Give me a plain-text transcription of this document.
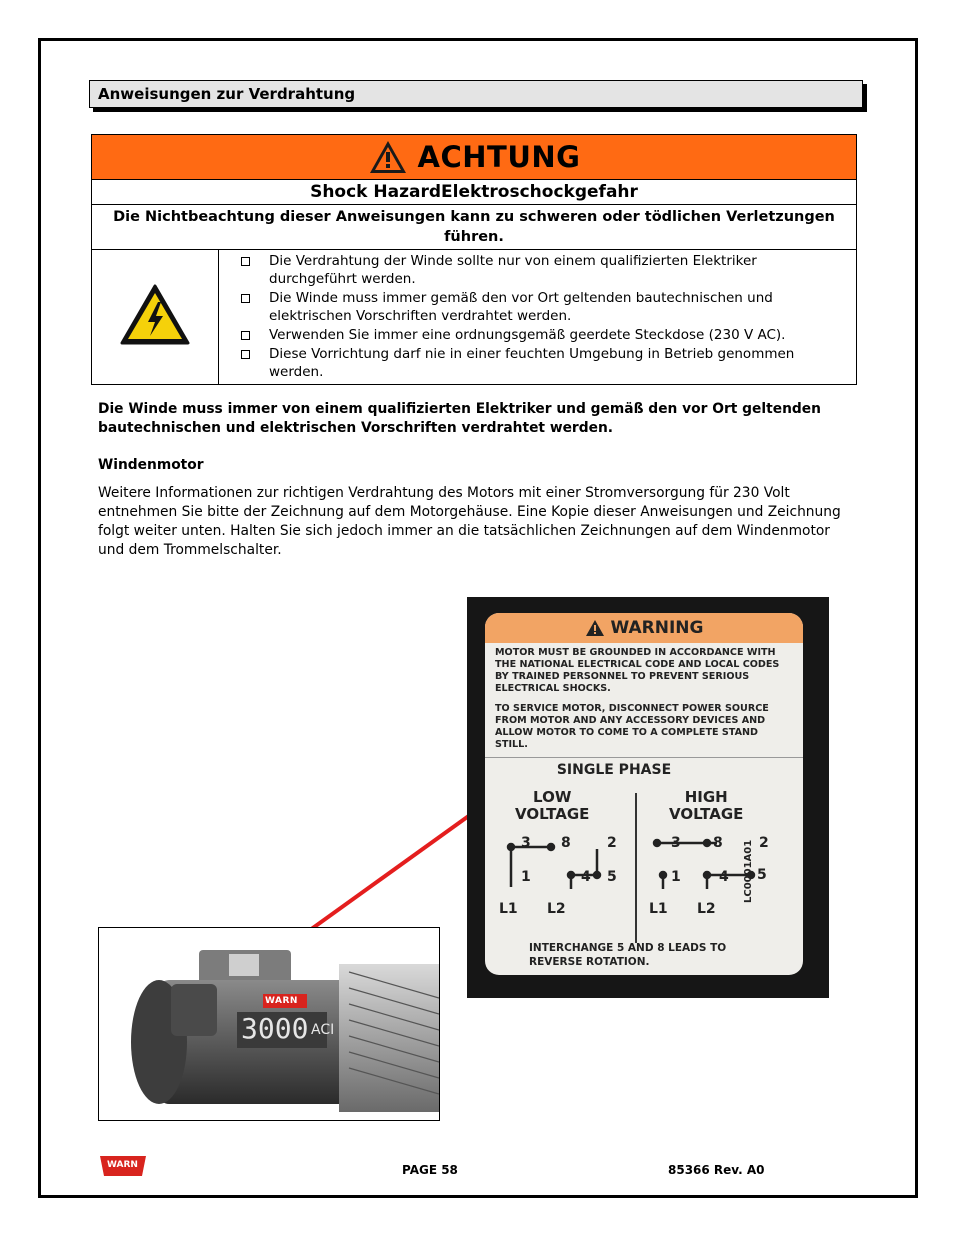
Anweisungen zur Verdrahtung
ACHTUNG

Shock HazardElektroschockgefahr
Die Nichtbeachtung dieser Anweisungen kann zu schweren oder tödlichen Verletzungen führen.

Die Verdrahtung der Winde sollte nur von einem qualifizierten Elektriker durchgeführt werden.
Die Winde muss immer gemäß den vor Ort geltenden bautechnischen und elektrischen Vorschriften verdrahtet werden.
Verwenden Sie immer eine ordnungsgemäß geerdete Steckdose (230 V AC).
Diese Vorrichtung darf nie in einer feuchten Umgebung in Betrieb genommen werden.
Die Winde muss immer von einem qualifizierten Elektriker und gemäß den vor Ort geltenden bautechnischen und elektrischen Vorschriften verdrahtet werden.
Windenmotor
Weitere Informationen zur richtigen Verdrahtung des Motors mit einer Stromversorgung für 230 Volt entnehmen Sie bitte der Zeichnung auf dem Motorgehäuse. Eine Kopie dieser Anweisungen und Zeichnung folgt weiter unten. Halten Sie sich jedoch immer an die tatsächlichen Zeichnungen auf dem Windenmotor und dem Trommelschalter.
WARNING
MOTOR MUST BE GROUNDED IN ACCORDANCE WITH THE NATIONAL ELECTRICAL CODE AND LOCAL CODES BY TRAINED PERSONNEL TO PREVENT SERIOUS ELECTRICAL SHOCKS.
TO SERVICE MOTOR, DISCONNECT POWER SOURCE FROM MOTOR AND ANY ACCESSORY DEVICES AND ALLOW MOTOR TO COME TO A COMPLETE STAND STILL.
SINGLE PHASE
LOW
VOLTAGE
HIGH
VOLTAGE
3 8	2
1	4 5
3 8	2
1	4 5
L1 L2	L1 L2
LC0001A01
INTERCHANGE 5 AND 8 LEADS TO REVERSE ROTATION.
WARN
3000 ACI
WARN	PAGE 58	85366 Rev. A0
